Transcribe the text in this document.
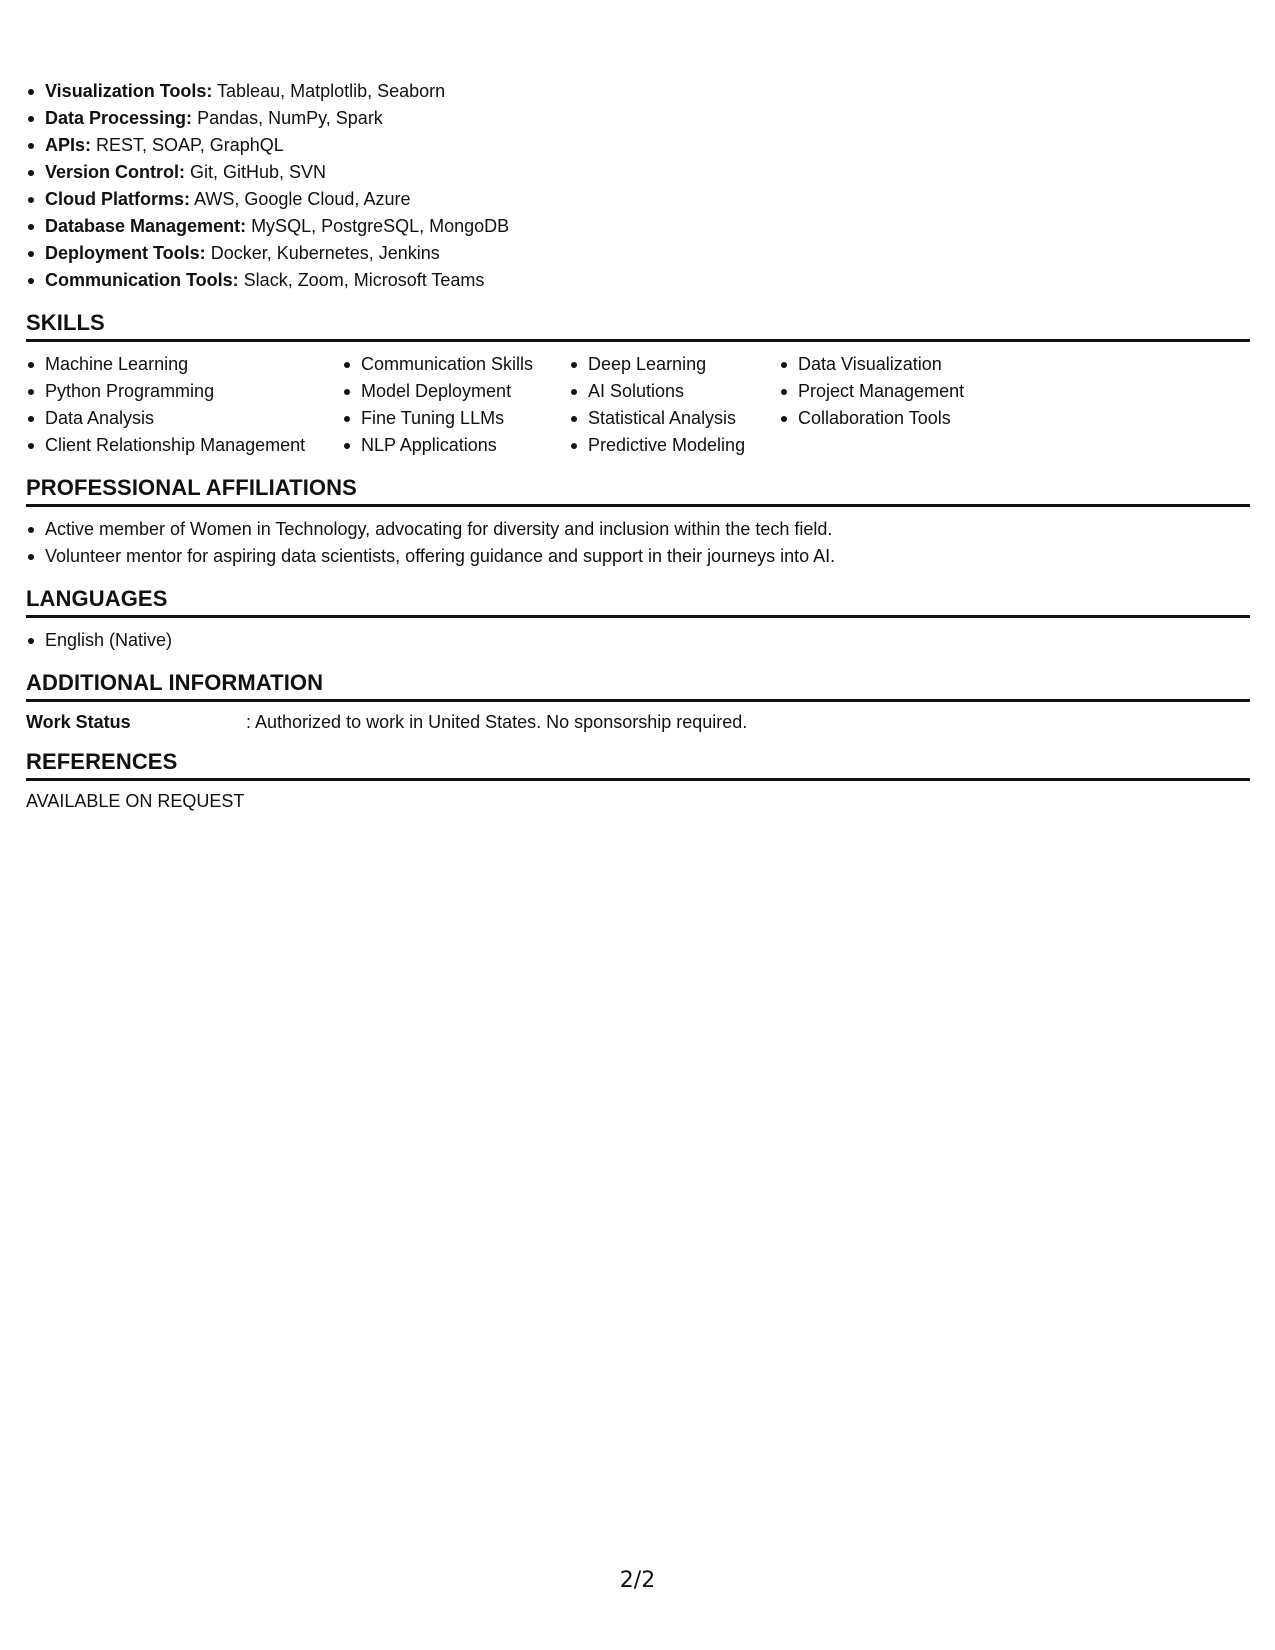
Visualization Tools: Tableau, Matplotlib, Seaborn
Data Processing: Pandas, NumPy, Spark
APIs: REST, SOAP, GraphQL
Version Control: Git, GitHub, SVN
Cloud Platforms: AWS, Google Cloud, Azure
Database Management: MySQL, PostgreSQL, MongoDB
Deployment Tools: Docker, Kubernetes, Jenkins
Communication Tools: Slack, Zoom, Microsoft Teams
SKILLS
Machine Learning
Python Programming
Data Analysis
Client Relationship Management
Communication Skills
Model Deployment
Fine Tuning LLMs
NLP Applications
Deep Learning
AI Solutions
Statistical Analysis
Predictive Modeling
Data Visualization
Project Management
Collaboration Tools
PROFESSIONAL AFFILIATIONS
Active member of Women in Technology, advocating for diversity and inclusion within the tech field.
Volunteer mentor for aspiring data scientists, offering guidance and support in their journeys into AI.
LANGUAGES
English (Native)
ADDITIONAL INFORMATION
Work Status	: Authorized to work in United States. No sponsorship required.
REFERENCES
AVAILABLE ON REQUEST
2/2
